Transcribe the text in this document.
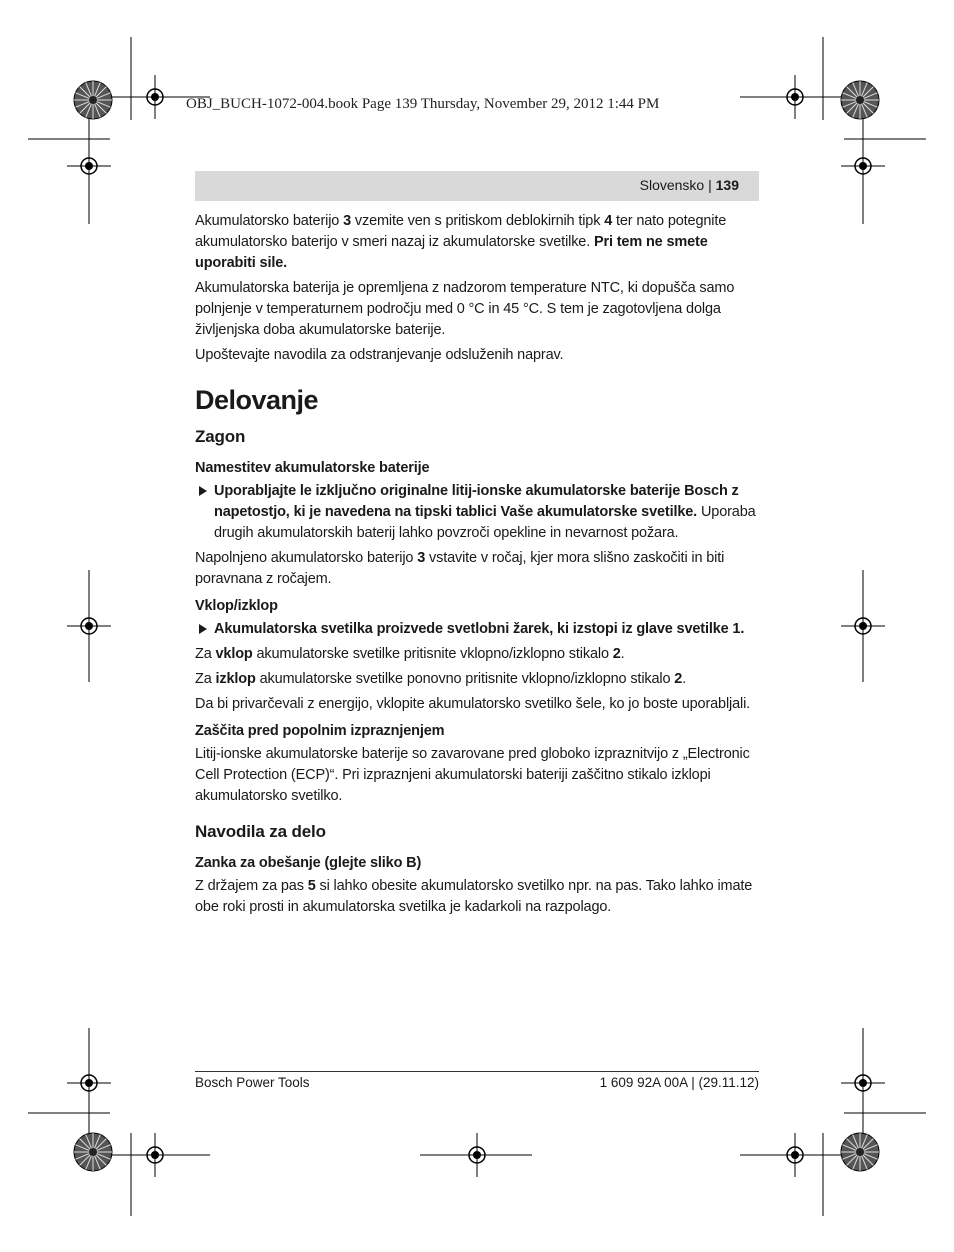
OBJ_BUCH-1072-004.book Page 139 Thursday, November 29, 2012 1:44 PM
Slovensko | 139

Akumulatorsko baterijo 3 vzemite ven s pritiskom deblokirnih tipk 4 ter nato potegnite akumulatorsko baterijo v smeri nazaj iz akumulatorske svetilke. Pri tem ne smete uporabiti sile.

Akumulatorska baterija je opremljena z nadzorom temperature NTC, ki dopušča samo polnjenje v temperaturnem področju med 0 °C in 45 °C. S tem je zagotovljena dolga življenjska doba akumulatorske baterije.

Upoštevajte navodila za odstranjevanje odsluženih naprav.

Delovanje
Zagon
Namestitev akumulatorske baterije
Uporabljajte le izključno originalne litij-ionske akumulatorske baterije Bosch z napetostjo, ki je navedena na tipski tablici Vaše akumulatorske svetilke. Uporaba drugih akumulatorskih baterij lahko povzroči opekline in nevarnost požara.

Napolnjeno akumulatorsko baterijo 3 vstavite v ročaj, kjer mora slišno zaskočiti in biti poravnana z ročajem.

Vklop/izklop
Akumulatorska svetilka proizvede svetlobni žarek, ki izstopi iz glave svetilke 1.

Za vklop akumulatorske svetilke pritisnite vklopno/izklopno stikalo 2.

Za izklop akumulatorske svetilke ponovno pritisnite vklopno/izklopno stikalo 2.

Da bi privarčevali z energijo, vklopite akumulatorsko svetilko šele, ko jo boste uporabljali.

Zaščita pred popolnim izpraznjenjem

Litij-ionske akumulatorske baterije so zavarovane pred globoko izpraznitvijo z „Electronic Cell Protection (ECP)“. Pri izpraznjeni akumulatorski bateriji zaščitno stikalo izklopi akumulatorsko svetilko.

Navodila za delo
Zanka za obešanje (glejte sliko B)

Z držajem za pas 5 si lahko obesite akumulatorsko svetilko npr. na pas. Tako lahko imate obe roki prosti in akumulatorska svetilka je kadarkoli na razpolago.

Bosch Power Tools	1 609 92A 00A | (29.11.12)
